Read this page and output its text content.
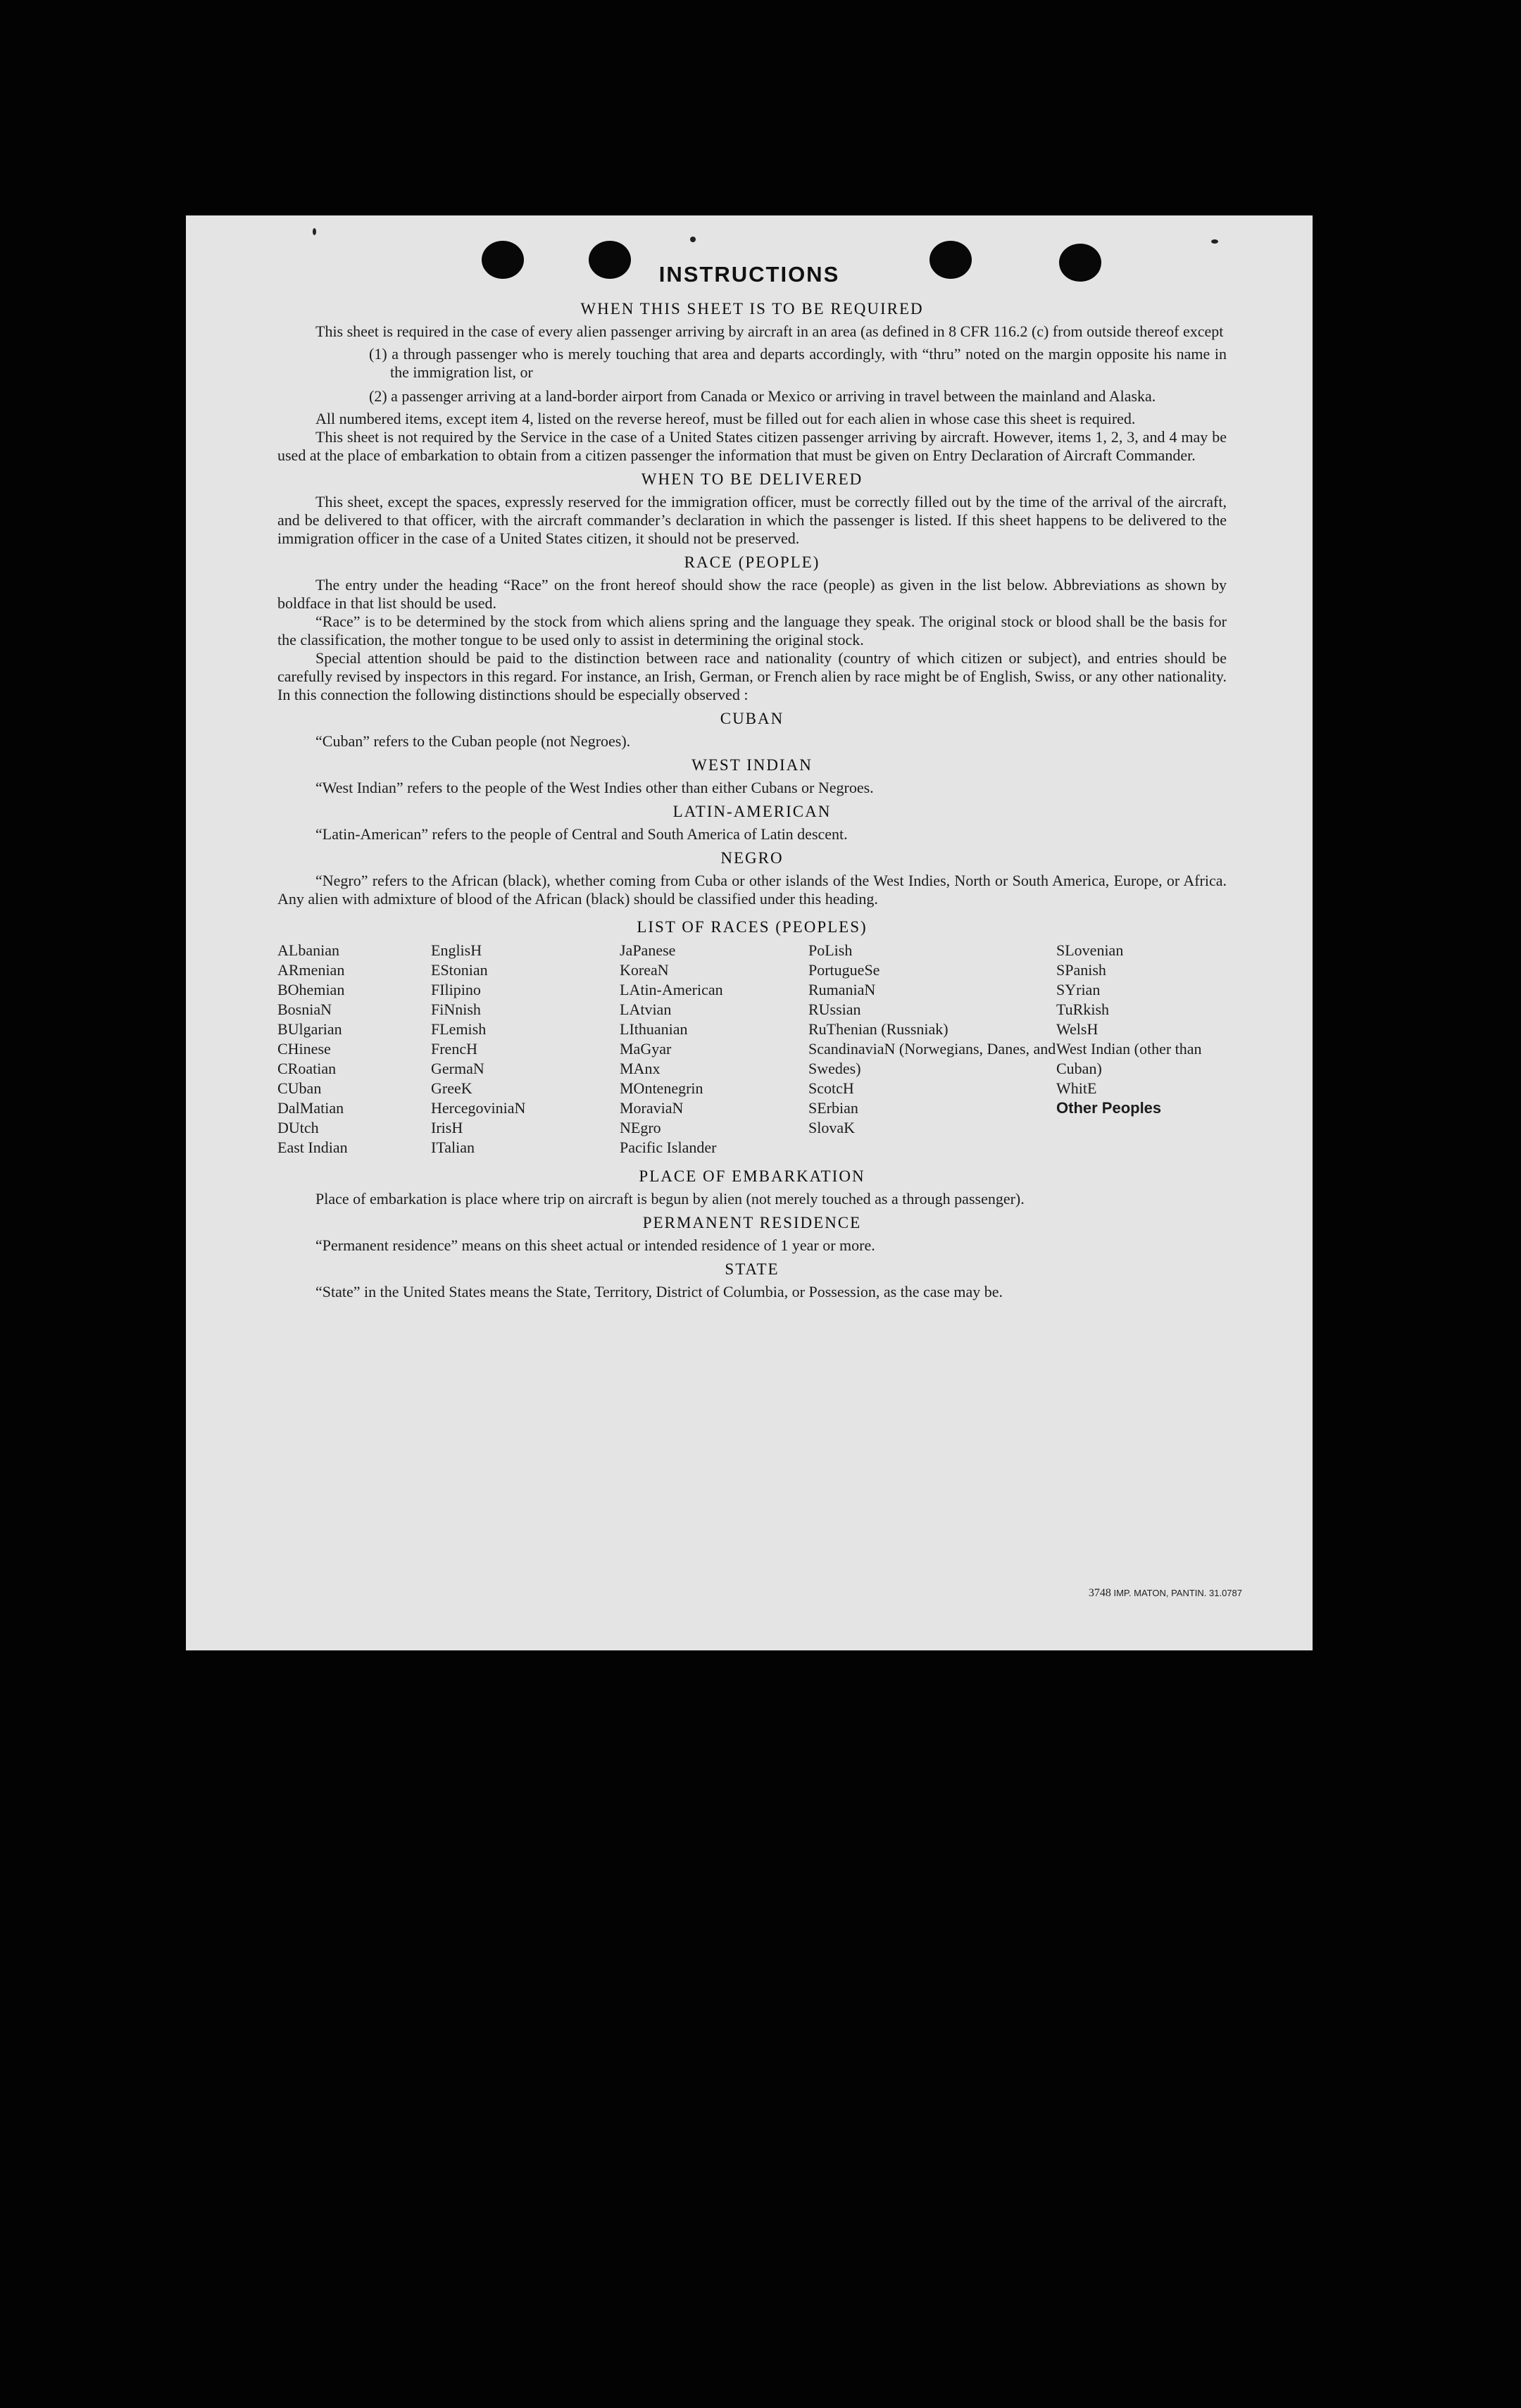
INSTRUCTIONS
WHEN THIS SHEET IS TO BE REQUIRED

This sheet is required in the case of every alien passenger arriving by aircraft in an area (as defined in 8 CFR 116.2 (c) from outside thereof except

(1) a through passenger who is merely touching that area and departs accordingly, with “thru” noted on the margin opposite his name in the immigration list, or
(2) a passenger arriving at a land-border airport from Canada or Mexico or arriving in travel between the mainland and Alaska.

All numbered items, except item 4, listed on the reverse hereof, must be filled out for each alien in whose case this sheet is required.

This sheet is not required by the Service in the case of a United States citizen passenger arriving by aircraft. However, items 1, 2, 3, and 4 may be used at the place of embarkation to obtain from a citizen passenger the information that must be given on Entry Declaration of Aircraft Commander.

WHEN TO BE DELIVERED

This sheet, except the spaces, expressly reserved for the immigration officer, must be correctly filled out by the time of the arrival of the aircraft, and be delivered to that officer, with the aircraft commander’s declaration in which the passenger is listed. If this sheet happens to be delivered to the immigration officer in the case of a United States citizen, it should not be preserved.

RACE (PEOPLE)

The entry under the heading “Race” on the front hereof should show the race (people) as given in the list below. Abbreviations as shown by boldface in that list should be used.

“Race” is to be determined by the stock from which aliens spring and the language they speak. The original stock or blood shall be the basis for the classification, the mother tongue to be used only to assist in determining the original stock.

Special attention should be paid to the distinction between race and nationality (country of which citizen or subject), and entries should be carefully revised by inspectors in this regard. For instance, an Irish, German, or French alien by race might be of English, Swiss, or any other nationality. In this connection the following distinctions should be especially observed :

CUBAN

“Cuban” refers to the Cuban people (not Negroes).

WEST INDIAN

“West Indian” refers to the people of the West Indies other than either Cubans or Negroes.

LATIN-AMERICAN

“Latin-American” refers to the people of Central and South America of Latin descent.

NEGRO

“Negro” refers to the African (black), whether coming from Cuba or other islands of the West Indies, North or South America, Europe, or Africa. Any alien with admixture of blood of the African (black) should be classified under this heading.

LIST OF RACES (PEOPLES)
ALbanian
ARmenian
BOhemian
BosniaN
BUlgarian
CHinese
CRoatian
CUban
DalMatian
DUtch
East Indian
EnglisH
EStonian
FIlipino
FiNnish
FLemish
FrencH
GermaN
GreeK
HercegoviniaN
IrisH
ITalian
JaPanese
KoreaN
LAtin-American
LAtvian
LIthuanian
MaGyar
MAnx
MOntenegrin
MoraviaN
NEgro
Pacific Islander
PoLish
PortugueSe
RumaniaN
RUssian
RuThenian (Russniak)
ScandinaviaN (Norwegians, Danes, and Swedes)
ScotcH
SErbian
SlovaK
SLovenian
SPanish
SYrian
TuRkish
WelsH
West Indian (other than Cuban)
WhitE
Other Peoples
PLACE OF EMBARKATION

Place of embarkation is place where trip on aircraft is begun by alien (not merely touched as a through passenger).

PERMANENT RESIDENCE

“Permanent residence” means on this sheet actual or intended residence of 1 year or more.

STATE

“State” in the United States means the State, Territory, District of Columbia, or Possession, as the case may be.

3748 IMP. MATON, PANTIN. 31.0787
